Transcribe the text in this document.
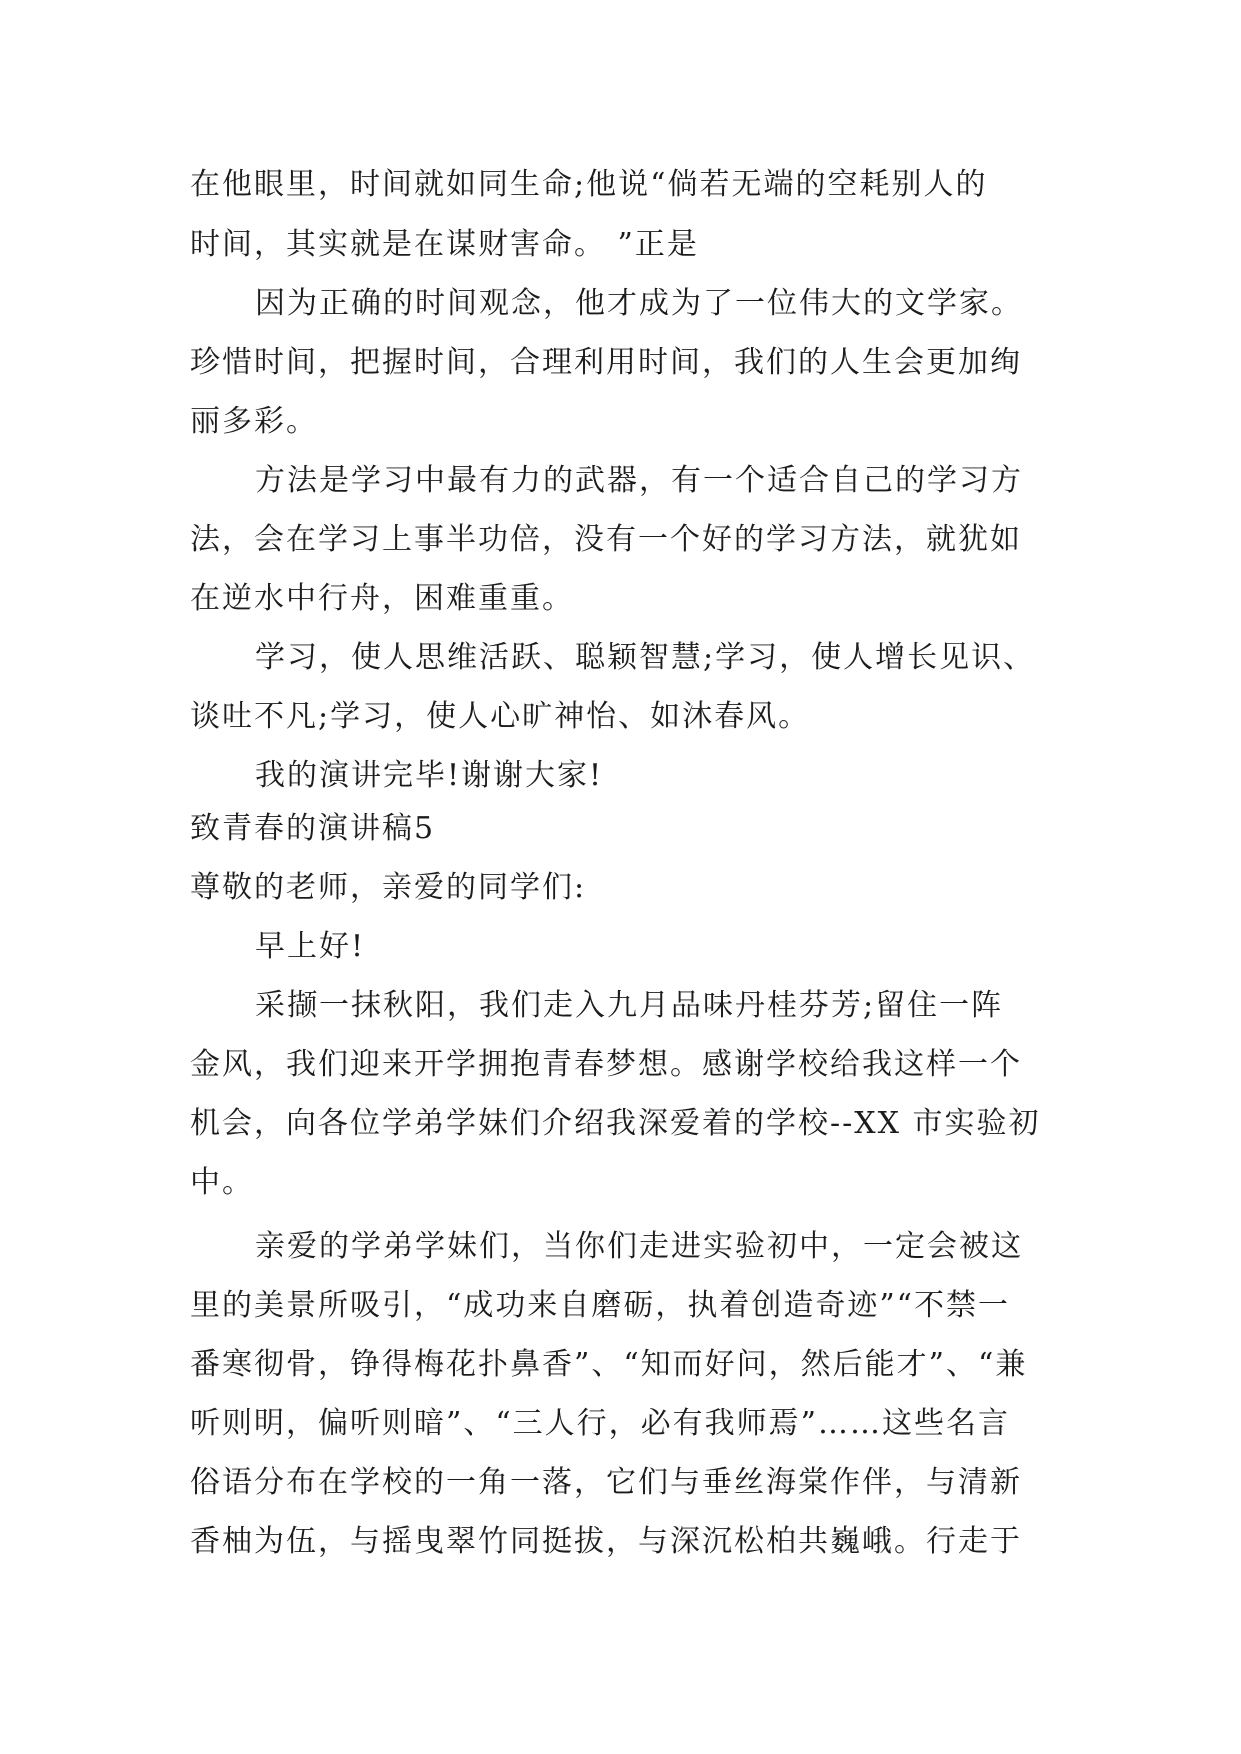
在他眼里，时间就如同生命;他说“倘若无端的空耗别人的
时间，其实就是在谋财害命。 ”正是
因为正确的时间观念，他才成为了一位伟大的文学家。
珍惜时间，把握时间，合理利用时间，我们的人生会更加绚
丽多彩。
方法是学习中最有力的武器，有一个适合自己的学习方
法，会在学习上事半功倍，没有一个好的学习方法，就犹如
在逆水中行舟，困难重重。
学习，使人思维活跃、聪颖智慧;学习，使人增长见识、
谈吐不凡;学习，使人心旷神怡、如沐春风。
我的演讲完毕!谢谢大家!
致青春的演讲稿5
尊敬的老师，亲爱的同学们:
早上好!
采撷一抹秋阳，我们走入九月品味丹桂芬芳;留住一阵
金风，我们迎来开学拥抱青春梦想。感谢学校给我这样一个
机会，向各位学弟学妹们介绍我深爱着的学校--XX 市实验初
中。
亲爱的学弟学妹们，当你们走进实验初中，一定会被这
里的美景所吸引，“成功来自磨砺，执着创造奇迹”“不禁一
番寒彻骨，铮得梅花扑鼻香”、“知而好问，然后能才”、“兼
听则明，偏听则暗”、“三人行，必有我师焉”……这些名言
俗语分布在学校的一角一落，它们与垂丝海棠作伴，与清新
香柚为伍，与摇曳翠竹同挺拔，与深沉松柏共巍峨。行走于
